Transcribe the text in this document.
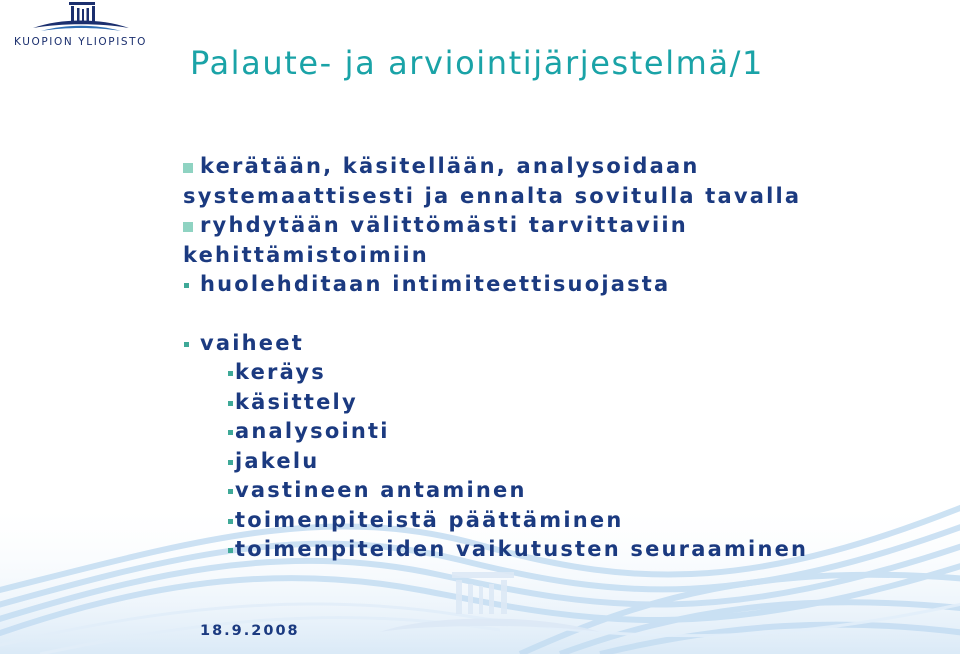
KUOPION YLIOPISTO
Palaute- ja arviointijärjestelmä/1
kerätään, käsitellään, analysoidaan
systemaattisesti ja ennalta sovitulla tavalla
ryhdytään välittömästi tarvittaviin
kehittämistoimiin
huolehditaan intimiteettisuojasta
vaiheet
keräys
käsittely
analysointi
jakelu
vastineen antaminen
toimenpiteistä päättäminen
toimenpiteiden vaikutusten seuraaminen
18.9.2008
